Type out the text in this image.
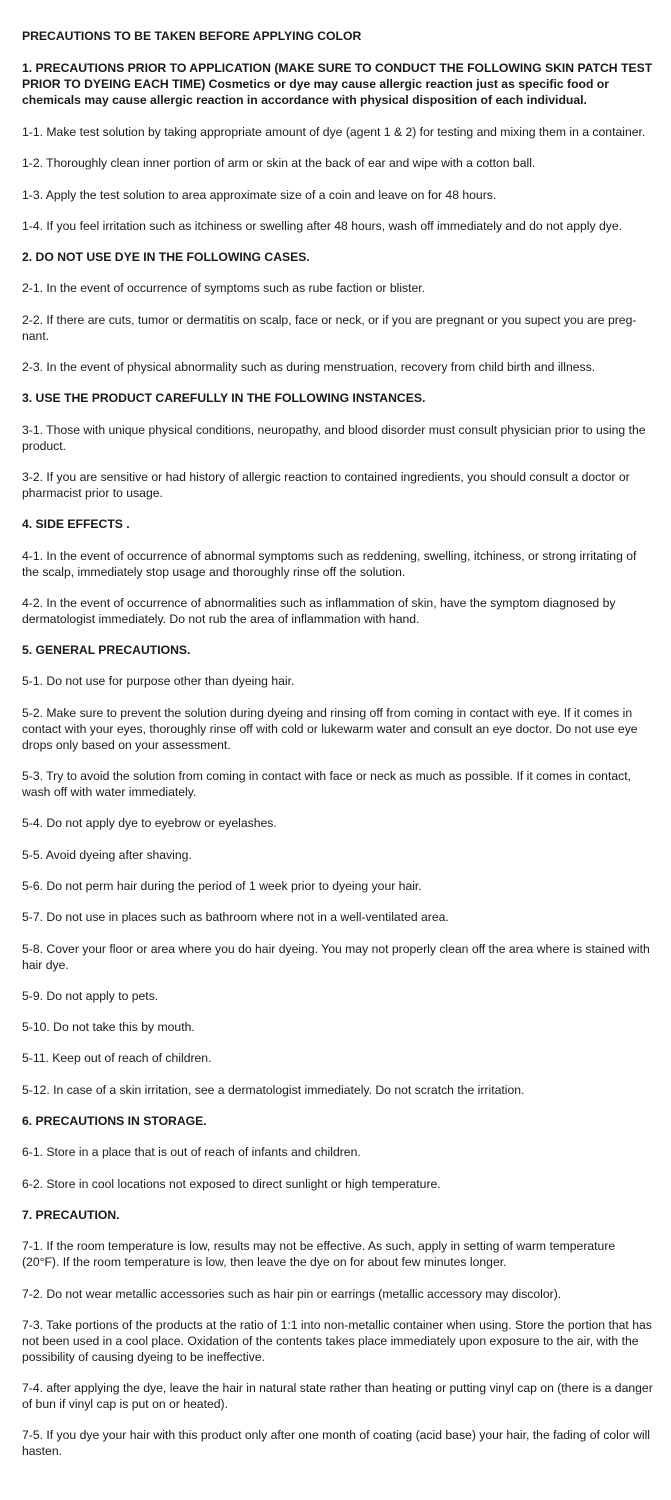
PRECAUTIONS TO BE TAKEN BEFORE APPLYING COLOR
1. PRECAUTIONS PRIOR TO APPLICATION (MAKE SURE TO CONDUCT THE FOLLOWING SKIN PATCH TEST PRIOR TO DYEING EACH TIME) Cosmetics or dye may cause allergic reaction just as specific food or chemicals may cause allergic reaction in accordance with physical disposition of each individual.
1-1. Make test solution by taking appropriate amount of dye (agent 1 & 2) for testing and mixing them in a container.
1-2. Thoroughly clean inner portion of arm or skin at the back of ear and wipe with a cotton ball.
1-3. Apply the test solution to area approximate size of a coin and leave on for 48 hours.
1-4. If you feel irritation such as itchiness or swelling after 48 hours, wash off immediately and do not apply dye.
2. DO NOT USE DYE IN THE FOLLOWING CASES.
2-1. In the event of occurrence of symptoms such as rube faction or blister.
2-2. If there are cuts, tumor or dermatitis on scalp, face or neck, or if you are pregnant or you supect you are preg-nant.
2-3. In the event of physical abnormality such as during menstruation, recovery from child birth and illness.
3. USE THE PRODUCT CAREFULLY IN THE FOLLOWING INSTANCES.
3-1. Those with unique physical conditions, neuropathy, and blood disorder must consult physician prior to using the product.
3-2. If you are sensitive or had history of allergic reaction to contained ingredients, you should consult a doctor or pharmacist prior to usage.
4. SIDE EFFECTS .
4-1. In the event of occurrence of abnormal symptoms such as reddening, swelling, itchiness, or strong irritating of the scalp, immediately stop usage and thoroughly rinse off the solution.
4-2. In the event of occurrence of abnormalities such as inflammation of skin, have the symptom diagnosed by dermatologist immediately. Do not rub the area of inflammation with hand.
5. GENERAL PRECAUTIONS.
5-1. Do not use for purpose other than dyeing hair.
5-2. Make sure to prevent the solution during dyeing and rinsing off from coming in contact with eye. If it comes in contact with your eyes, thoroughly rinse off with cold or lukewarm water and consult an eye doctor. Do not use eye drops only based on your assessment.
5-3. Try to avoid the solution from coming in contact with face or neck as much as possible. If it comes in contact, wash off with water immediately.
5-4. Do not apply dye to eyebrow or eyelashes.
5-5. Avoid dyeing after shaving.
5-6. Do not perm hair during the period of 1 week prior to dyeing your hair.
5-7. Do not use in places such as bathroom where not in a well-ventilated area.
5-8. Cover your floor or area where you do hair dyeing. You may not properly clean off the area where is stained with hair dye.
5-9. Do not apply to pets.
5-10. Do not take this by mouth.
5-11. Keep out of reach of children.
5-12. In case of a skin irritation, see a dermatologist immediately. Do not scratch the irritation.
6. PRECAUTIONS IN STORAGE.
6-1. Store in a place that is out of reach of infants and children.
6-2. Store in cool locations not exposed to direct sunlight or high temperature.
7. PRECAUTION.
7-1. If the room temperature is low, results may not be effective. As such, apply in setting of warm temperature (20°F). If the room temperature is low, then leave the dye on for about few minutes longer.
7-2. Do not wear metallic accessories such as hair pin or earrings (metallic accessory may discolor).
7-3. Take portions of the products at the ratio of 1:1 into non-metallic container when using. Store the portion that has not been used in a cool place. Oxidation of the contents takes place immediately upon exposure to the air, with the possibility of causing dyeing to be ineffective.
7-4. after applying the dye, leave the hair in natural state rather than heating or putting vinyl cap on (there is a danger of bun if vinyl cap is put on or heated).
7-5. If you dye your hair with this product only after one month of coating (acid base) your hair, the fading of color will hasten.
